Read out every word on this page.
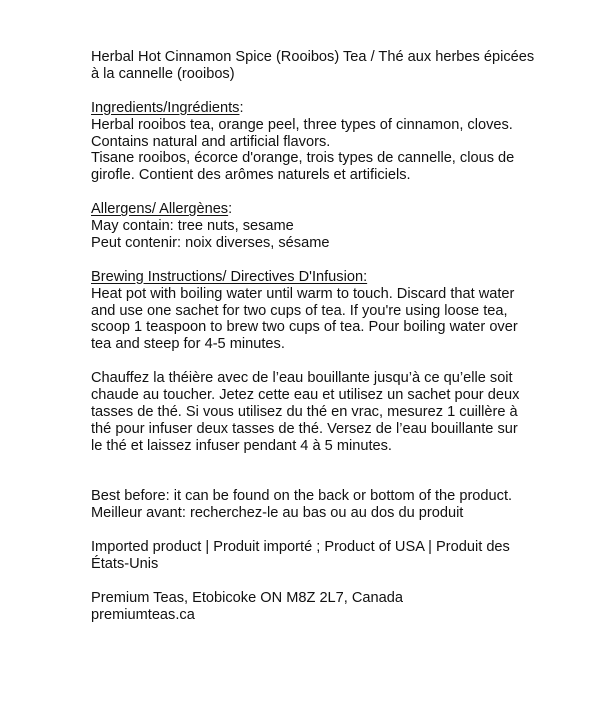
Herbal Hot Cinnamon Spice (Rooibos) Tea / Thé aux herbes épicées
à la cannelle (rooibos)
Ingredients/Ingrédients:
Herbal rooibos tea, orange peel, three types of cinnamon, cloves.
Contains natural and artificial flavors.
Tisane rooibos, écorce d'orange, trois types de cannelle, clous de
girofle. Contient des arômes naturels et artificiels.
Allergens/ Allergènes:
May contain: tree nuts, sesame
Peut contenir: noix diverses, sésame
Brewing Instructions/ Directives D'Infusion:
Heat pot with boiling water until warm to touch. Discard that water
and use one sachet for two cups of tea. If you're using loose tea,
scoop 1 teaspoon to brew two cups of tea. Pour boiling water over
tea and steep for 4-5 minutes.
Chauffez la théière avec de l’eau bouillante jusqu’à ce qu’elle soit
chaude au toucher. Jetez cette eau et utilisez un sachet pour deux
tasses de thé. Si vous utilisez du thé en vrac, mesurez 1 cuillère à
thé pour infuser deux tasses de thé. Versez de l’eau bouillante sur
le thé et laissez infuser pendant 4 à 5 minutes.
Best before: it can be found on the back or bottom of the product.
Meilleur avant: recherchez-le au bas ou au dos du produit
Imported product | Produit importé ; Product of USA | Produit des
États-Unis
Premium Teas, Etobicoke ON M8Z 2L7, Canada
premiumteas.ca
